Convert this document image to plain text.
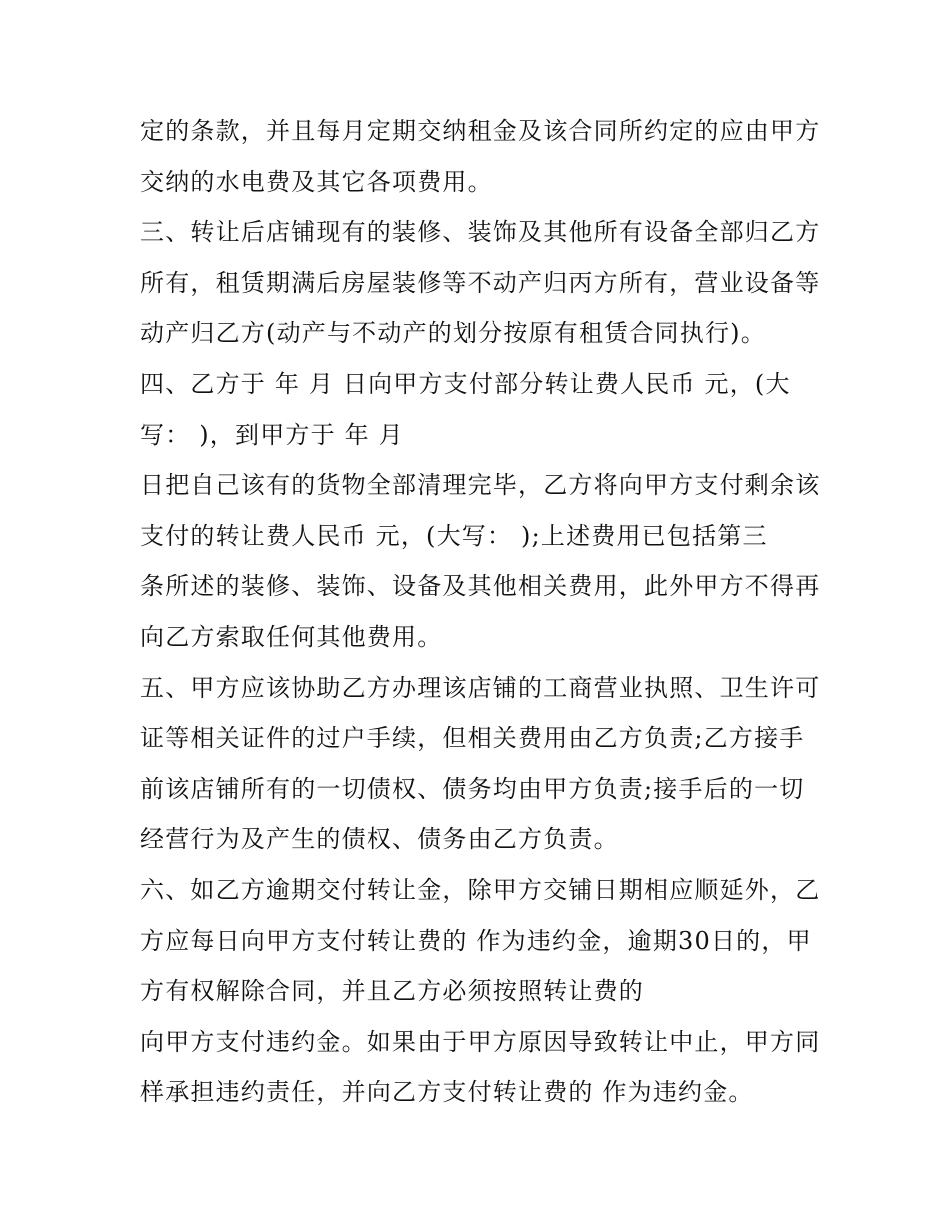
定的条款，并且每月定期交纳租金及该合同所约定的应由甲方
交纳的水电费及其它各项费用。
三、转让后店铺现有的装修、装饰及其他所有设备全部归乙方
所有，租赁期满后房屋装修等不动产归丙方所有，营业设备等
动产归乙方(动产与不动产的划分按原有租赁合同执行)。
四、乙方于 年 月 日向甲方支付部分转让费人民币 元，(大
写： )，到甲方于 年 月
日把自己该有的货物全部清理完毕，乙方将向甲方支付剩余该
支付的转让费人民币 元，(大写： );上述费用已包括第三
条所述的装修、装饰、设备及其他相关费用，此外甲方不得再
向乙方索取任何其他费用。
五、甲方应该协助乙方办理该店铺的工商营业执照、卫生许可
证等相关证件的过户手续，但相关费用由乙方负责;乙方接手
前该店铺所有的一切债权、债务均由甲方负责;接手后的一切
经营行为及产生的债权、债务由乙方负责。
六、如乙方逾期交付转让金，除甲方交铺日期相应顺延外，乙
方应每日向甲方支付转让费的 作为违约金，逾期30日的，甲
方有权解除合同，并且乙方必须按照转让费的
向甲方支付违约金。如果由于甲方原因导致转让中止，甲方同
样承担违约责任，并向乙方支付转让费的 作为违约金。
